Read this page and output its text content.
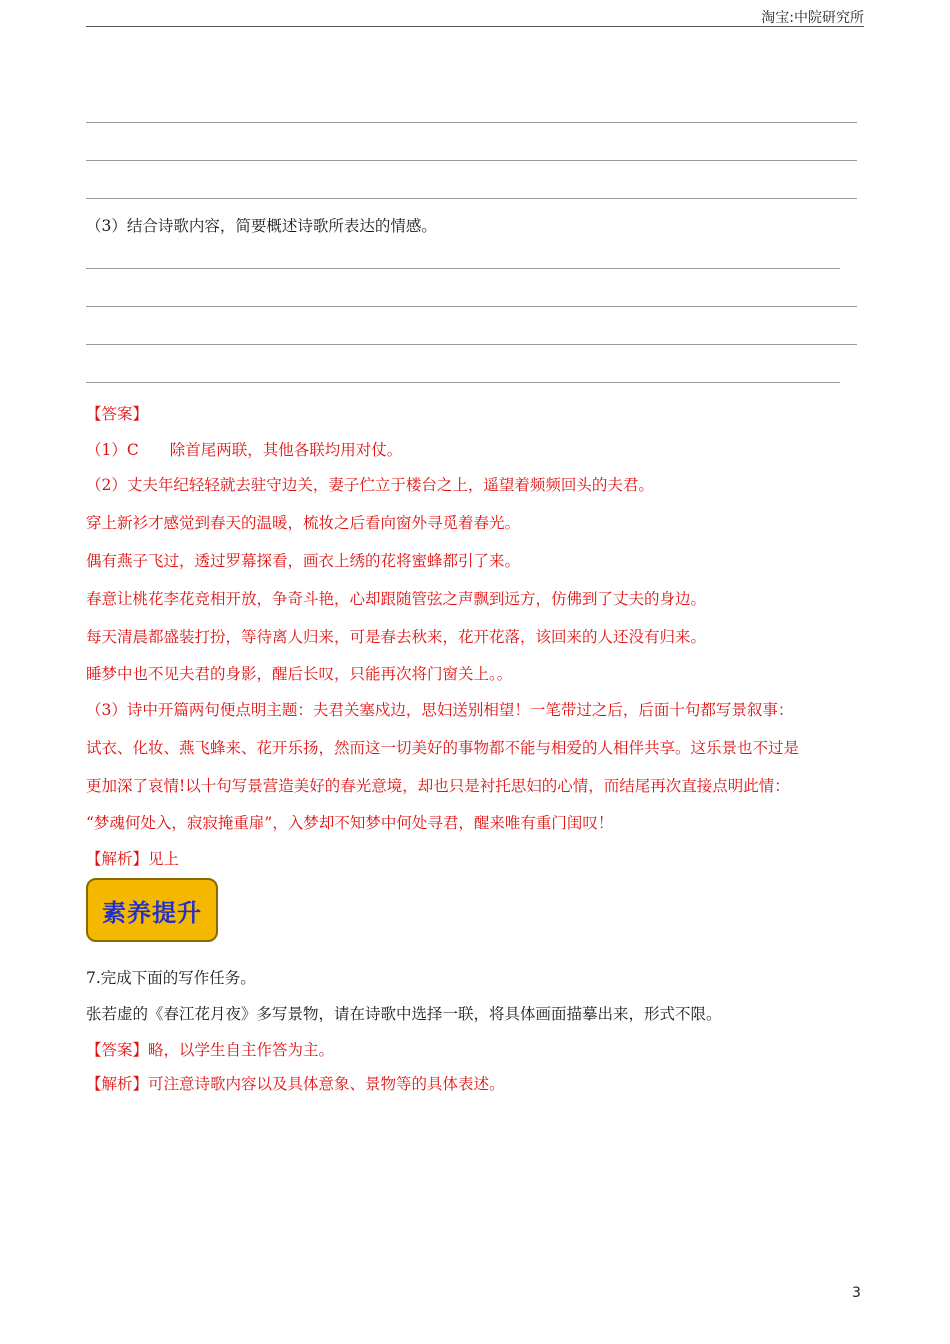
淘宝:中院研究所
（3）结合诗歌内容，简要概述诗歌所表达的情感。
【答案】
（1）C　　除首尾两联，其他各联均用对仗。
（2）丈夫年纪轻轻就去驻守边关，妻子伫立于楼台之上，遥望着频频回头的夫君。
穿上新衫才感觉到春天的温暖，梳妆之后看向窗外寻觅着春光。
偶有燕子飞过，透过罗幕探看，画衣上绣的花将蜜蜂都引了来。
春意让桃花李花竞相开放，争奇斗艳，心却跟随管弦之声飘到远方，仿佛到了丈夫的身边。
每天清晨都盛装打扮，等待离人归来，可是春去秋来，花开花落，该回来的人还没有归来。
睡梦中也不见夫君的身影，醒后长叹，只能再次将门窗关上。。
（3）诗中开篇两句便点明主题：夫君关塞戍边，思妇送别相望！一笔带过之后，后面十句都写景叙事：
试衣、化妆、燕飞蜂来、花开乐扬，然而这一切美好的事物都不能与相爱的人相伴共享。这乐景也不过是
更加深了哀情!以十句写景营造美好的春光意境，却也只是衬托思妇的心情，而结尾再次直接点明此情：
“梦魂何处入，寂寂掩重扉”，入梦却不知梦中何处寻君，醒来唯有重门闺叹！
【解析】见上
素养提升
7.完成下面的写作任务。
张若虚的《春江花月夜》多写景物，请在诗歌中选择一联，将具体画面描摹出来，形式不限。
【答案】略，以学生自主作答为主。
【解析】可注意诗歌内容以及具体意象、景物等的具体表述。
3
